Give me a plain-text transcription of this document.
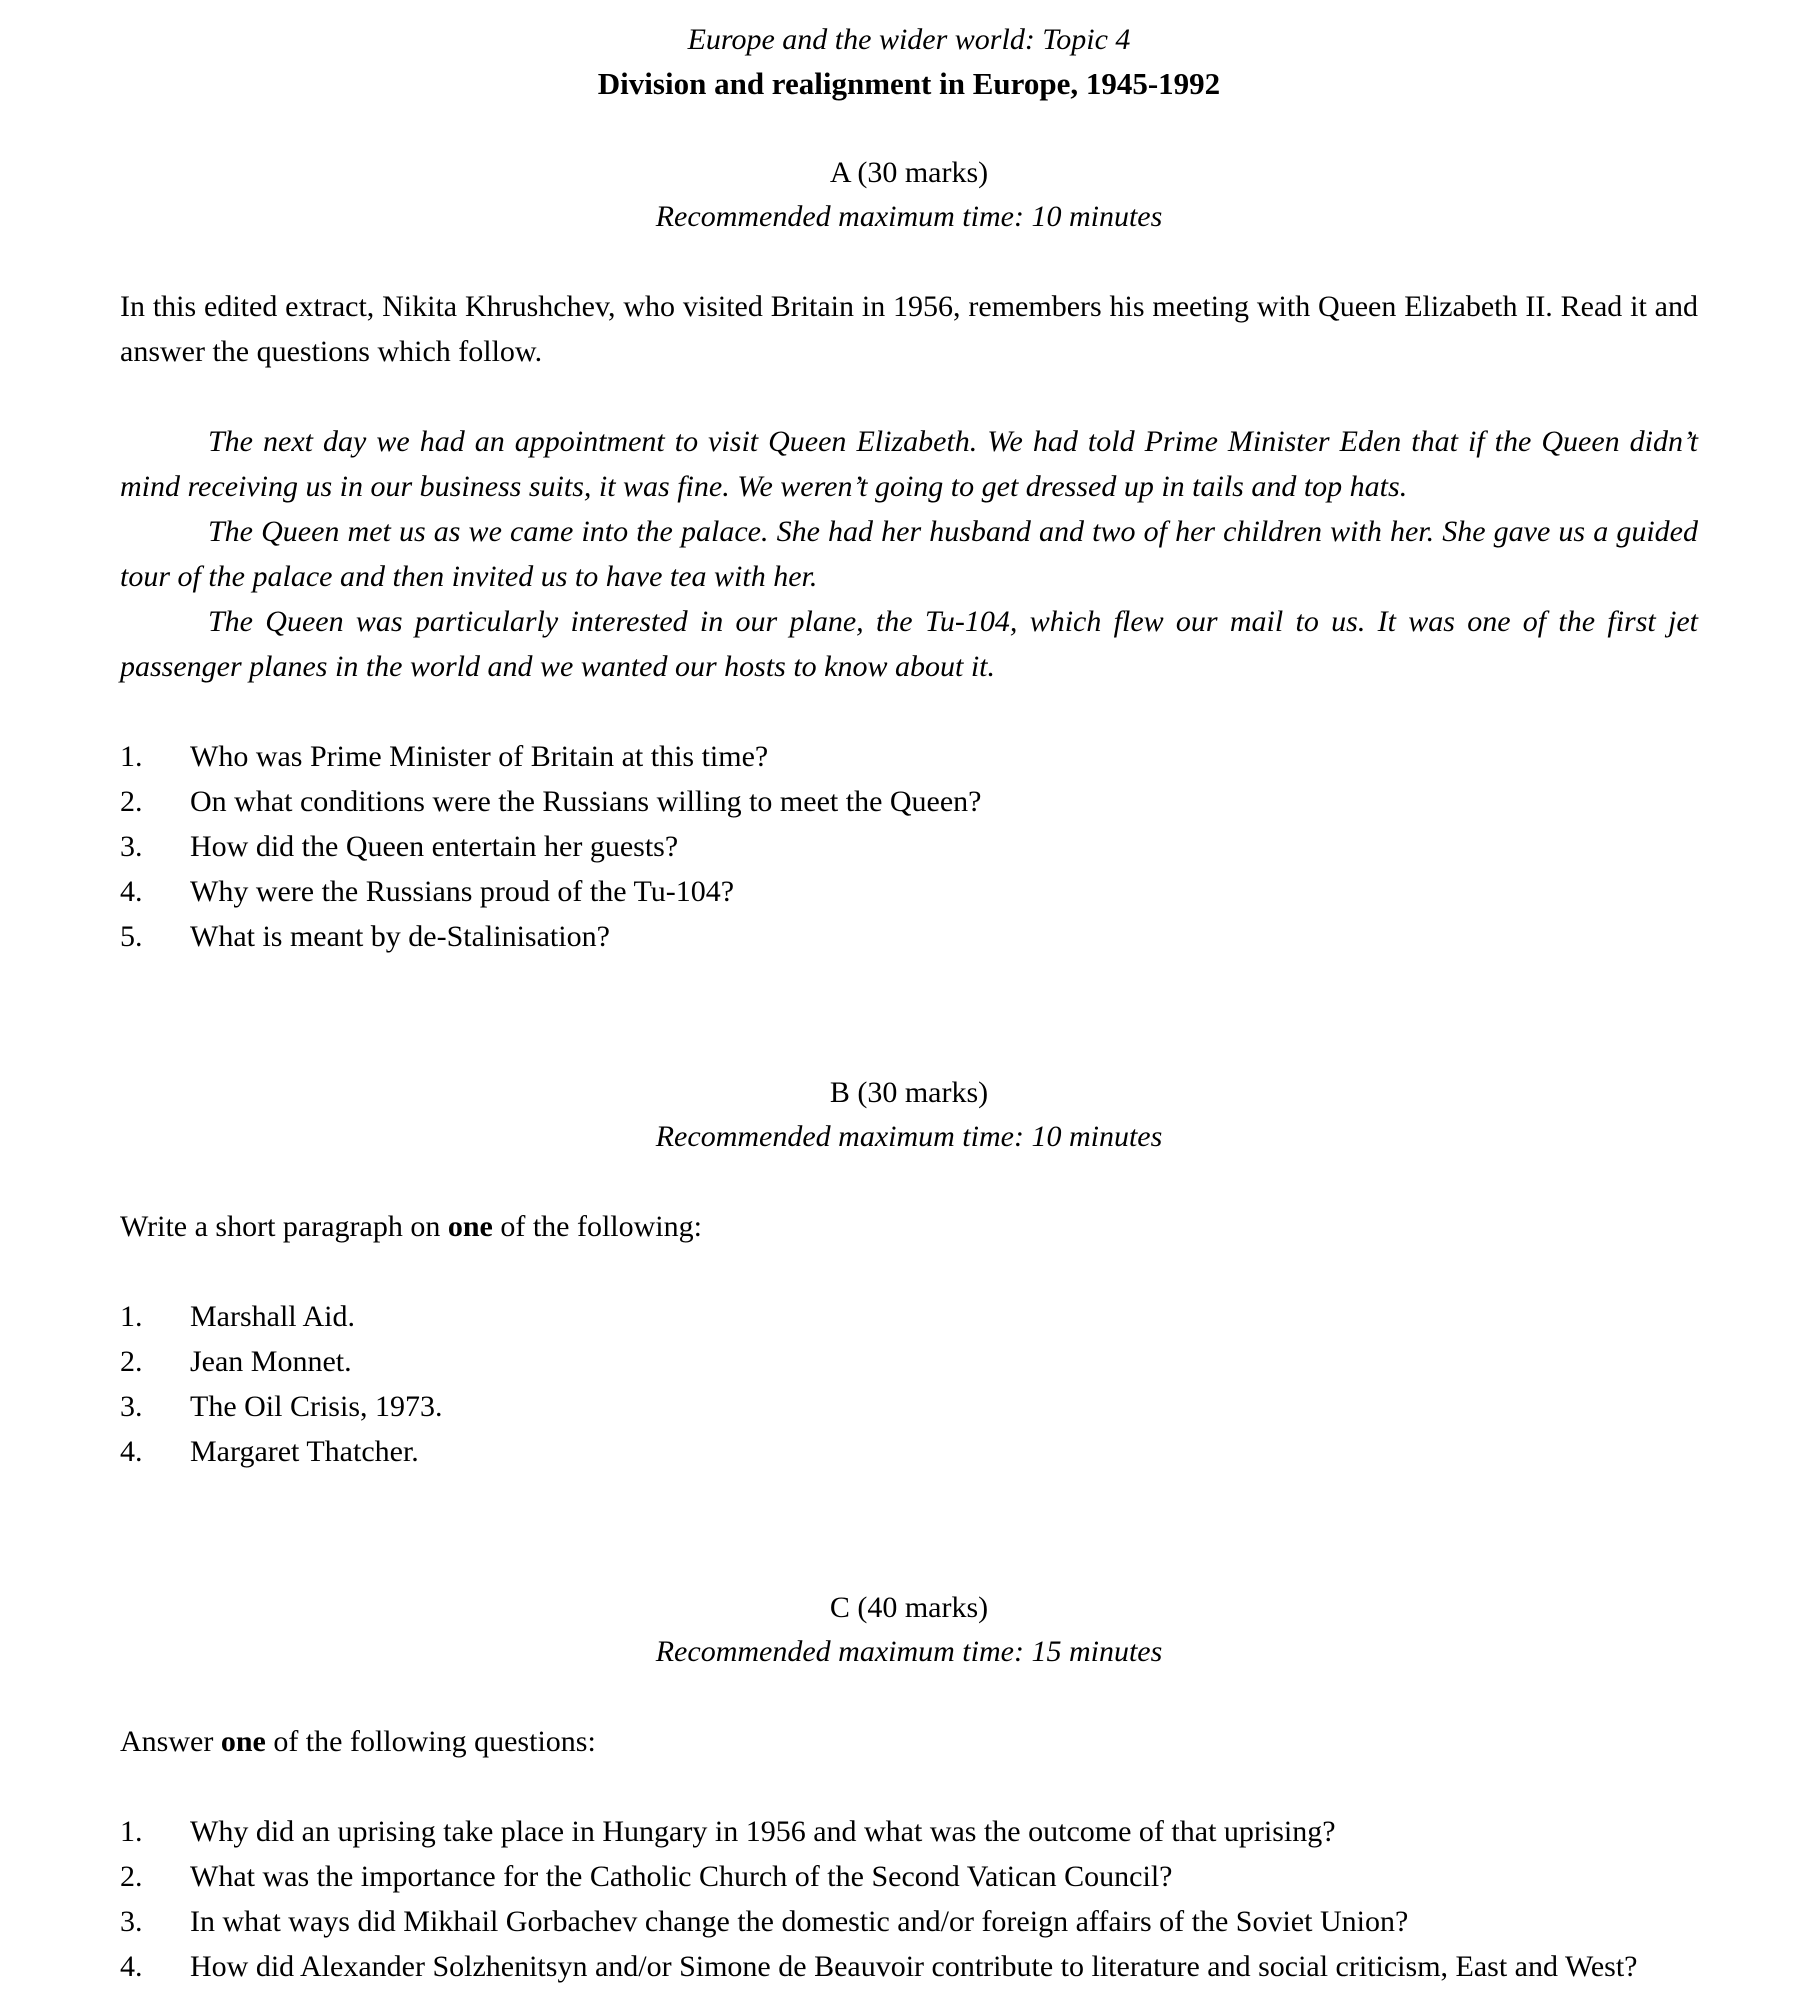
Europe and the wider world: Topic 4
Division and realignment in Europe, 1945-1992
A (30 marks)
Recommended maximum time: 10 minutes

In this edited extract, Nikita Khrushchev, who visited Britain in 1956, remembers his meeting with Queen Elizabeth II. Read it and answer the questions which follow.

The next day we had an appointment to visit Queen Elizabeth. We had told Prime Minister Eden that if the Queen didn’t mind receiving us in our business suits, it was fine. We weren’t going to get dressed up in tails and top hats.

The Queen met us as we came into the palace. She had her husband and two of her children with her. She gave us a guided tour of the palace and then invited us to have tea with her.

The Queen was particularly interested in our plane, the Tu-104, which flew our mail to us. It was one of the first jet passenger planes in the world and we wanted our hosts to know about it.

1.	Who was Prime Minister of Britain at this time?
2.	On what conditions were the Russians willing to meet the Queen?
3.	How did the Queen entertain her guests?
4.	Why were the Russians proud of the Tu-104?
5.	What is meant by de-Stalinisation?
B (30 marks)
Recommended maximum time: 10 minutes

Write a short paragraph on one of the following:

1.	Marshall Aid.
2.	Jean Monnet.
3.	The Oil Crisis, 1973.
4.	Margaret Thatcher.
C (40 marks)
Recommended maximum time: 15 minutes

Answer one of the following questions:

1.	Why did an uprising take place in Hungary in 1956 and what was the outcome of that uprising?
2.	What was the importance for the Catholic Church of the Second Vatican Council?
3.	In what ways did Mikhail Gorbachev change the domestic and/or foreign affairs of the Soviet Union?
4.	How did Alexander Solzhenitsyn and/or Simone de Beauvoir contribute to literature and social criticism, East and West?
